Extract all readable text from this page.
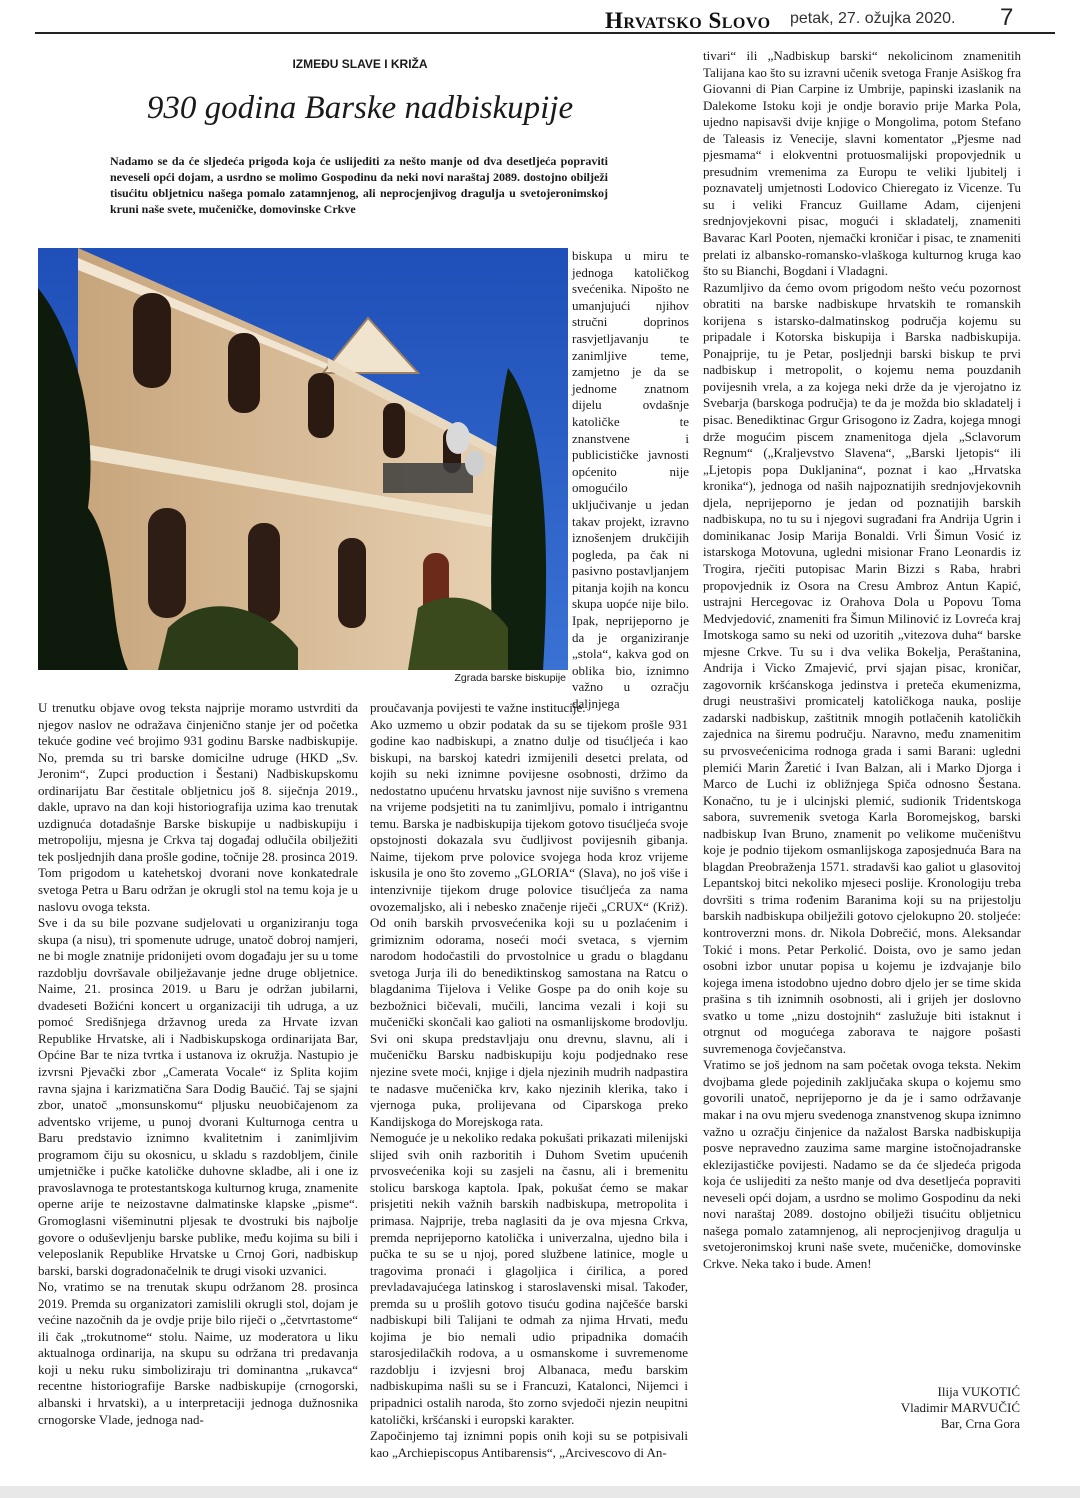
Hrvatsko Slovo petak, 27. ožujka 2020. 7
IZMEĐU SLAVE I KRIŽA
930 godina Barske nadbiskupije
Nadamo se da će sljedeća prigoda koja će uslijediti za nešto manje od dva desetljeća popraviti neveseli opći dojam, a usrdno se molimo Gospodinu da neki novi naraštaj 2089. dostojno obilježi tisućitu obljetnicu našega pomalo zatamnjenog, ali neprocjenjivog dragulja u svetojeronimskoj kruni naše svete, mučeničke, domovinske Crkve
Zgrada barske biskupije

biskupa u miru te jednoga katoličkog svećenika. Nipošto ne umanjujući njihov stručni doprinos rasvjetljavanju te zanimljive teme, zamjetno je da se jednome znatnom dijelu ovdašnje katoličke te znanstvene i publicističke javnosti općenito nije omogućilo uključivanje u jedan takav projekt, izravno iznošenjem drukčijih pogleda, pa čak ni pasivno postavljanjem pitanja kojih na koncu skupa uopće nije bilo. Ipak, neprijeporno je da je organiziranje „stola“, kakva god on oblika bio, iznimno važno u ozračju daljnjega

U trenutku objave ovog teksta najprije moramo ustvrditi da njegov naslov ne odražava činjenično stanje jer od početka tekuće godine već brojimo 931 godinu Barske nadbiskupije. No, premda su tri barske domicilne udruge (HKD „Sv. Jeronim“, Zupci production i Šestani) Nadbiskupskomu ordinarijatu Bar čestitale obljetnicu još 8. siječnja 2019., dakle, upravo na dan koji historiografija uzima kao trenutak uzdignuća dotadašnje Barske biskupije u nadbiskupiju i metropoliju, mjesna je Crkva taj događaj odlučila obilježiti tek posljednjih dana prošle godine, točnije 28. prosinca 2019. Tom prigodom u katehetskoj dvorani nove konkatedrale svetoga Petra u Baru održan je okrugli stol na temu koja je u naslovu ovoga teksta.

Sve i da su bile pozvane sudjelovati u organiziranju toga skupa (a nisu), tri spomenute udruge, unatoč dobroj namjeri, ne bi mogle znatnije pridonijeti ovom događaju jer su u tome razdoblju dovršavale obilježavanje jedne druge obljetnice. Naime, 21. prosinca 2019. u Baru je održan jubilarni, dvadeseti Božićni koncert u organizaciji tih udruga, a uz pomoć Središnjega državnog ureda za Hrvate izvan Republike Hrvatske, ali i Nadbiskupskoga ordinarijata Bar, Općine Bar te niza tvrtka i ustanova iz okružja. Nastupio je izvrsni Pjevački zbor „Camerata Vocale“ iz Splita kojim ravna sjajna i karizmatična Sara Dodig Baučić. Taj se sjajni zbor, unatoč „monsunskomu“ pljusku neuobičajenom za adventsko vrijeme, u punoj dvorani Kulturnoga centra u Baru predstavio iznimno kvalitetnim i zanimljivim programom čiju su okosnicu, u skladu s razdobljem, činile umjetničke i pučke katoličke duhovne skladbe, ali i one iz pravoslavnoga te protestantskoga kulturnog kruga, znamenite operne arije te neizostavne dalmatinske klapske „pisme“. Gromoglasni višeminutni pljesak te dvostruki bis najbolje govore o oduševljenju barske publike, među kojima su bili i veleposlanik Republike Hrvatske u Crnoj Gori, nadbiskup barski, barski dogradonačelnik te drugi visoki uzvanici.

No, vratimo se na trenutak skupu održanom 28. prosinca 2019. Premda su organizatori zamislili okrugli stol, dojam je većine nazočnih da je ovdje prije bilo riječi o „četvrtastome“ ili čak „trokutnome“ stolu. Naime, uz moderatora u liku aktualnoga ordinarija, na skupu su održana tri predavanja koji u neku ruku simboliziraju tri dominantna „rukavca“ recentne historiografije Barske nadbiskupije (crnogorski, albanski i hrvatski), a u interpretaciji jednoga dužnosnika crnogorske Vlade, jednoga nad-

proučavanja povijesti te važne institucije.

Ako uzmemo u obzir podatak da su se tijekom prošle 931 godine kao nadbiskupi, a znatno dulje od tisućljeća i kao biskupi, na barskoj katedri izmijenili desetci prelata, od kojih su neki iznimne povijesne osobnosti, držimo da nedostatno upućenu hrvatsku javnost nije suvišno s vremena na vrijeme podsjetiti na tu zanimljivu, pomalo i intrigantnu temu. Barska je nadbiskupija tijekom gotovo tisućljeća svoje opstojnosti dokazala svu čudljivost povijesnih gibanja. Naime, tijekom prve polovice svojega hoda kroz vrijeme iskusila je ono što zovemo „GLORIA“ (Slava), no još više i intenzivnije tijekom druge polovice tisućljeća za nama ovozemaljsko, ali i nebesko značenje riječi „CRUX“ (Križ). Od onih barskih prvosvećenika koji su u pozlaćenim i grimiznim odorama, noseći moći svetaca, s vjernim narodom hodočastili do prvostolnice u gradu o blagdanu svetoga Jurja ili do benediktinskog samostana na Ratcu o blagdanima Tijelova i Velike Gospe pa do onih koje su bezbožnici bičevali, mučili, lancima vezali i koji su mučenički skončali kao galioti na osmanlijskome brodovlju. Svi oni skupa predstavljaju onu drevnu, slavnu, ali i mučeničku Barsku nadbiskupiju koju podjednako rese njezine svete moći, knjige i djela njezinih mudrih nadpastira te nadasve mučenička krv, kako njezinih klerika, tako i vjernoga puka, prolijevana od Ciparskoga preko Kandijskoga do Morejskoga rata.

Nemoguće je u nekoliko redaka pokušati prikazati milenijski slijed svih onih razboritih i Duhom Svetim upućenih prvosvećenika koji su zasjeli na časnu, ali i bremenitu stolicu barskoga kaptola. Ipak, pokušat ćemo se makar prisjetiti nekih važnih barskih nadbiskupa, metropolita i primasa. Najprije, treba naglasiti da je ova mjesna Crkva, premda neprijeporno katolička i univerzalna, ujedno bila i pučka te su se u njoj, pored službene latinice, mogle u tragovima pronaći i glagoljica i ćirilica, a pored prevladavajućega latinskog i staroslavenski misal. Također, premda su u prošlih gotovo tisuću godina najčešće barski nadbiskupi bili Talijani te odmah za njima Hrvati, među kojima je bio nemali udio pripadnika domaćih starosjedilačkih rodova, a u osmanskome i suvremenome razdoblju i izvjesni broj Albanaca, među barskim nadbiskupima našli su se i Francuzi, Katalonci, Nijemci i pripadnici ostalih naroda, što zorno svjedoči njezin neupitni katolički, kršćanski i europski karakter.

Započinjemo taj iznimni popis onih koji su se potpisivali kao „Archiepiscopus Antibarensis“, „Arcivescovo di An-

tivari“ ili „Nadbiskup barski“ nekolicinom znamenitih Talijana kao što su izravni učenik svetoga Franje Asiškog fra Giovanni di Pian Carpine iz Umbrije, papinski izaslanik na Dalekome Istoku koji je ondje boravio prije Marka Pola, ujedno napisavši dvije knjige o Mongolima, potom Stefano de Taleasis iz Venecije, slavni komentator „Pjesme nad pjesmama“ i elokventni protuosmalijski propovjednik u presudnim vremenima za Europu te veliki ljubitelj i poznavatelj umjetnosti Lodovico Chieregato iz Vicenze. Tu su i veliki Francuz Guillame Adam, cijenjeni srednjovjekovni pisac, mogući i skladatelj, znameniti Bavarac Karl Pooten, njemački kroničar i pisac, te znameniti prelati iz albansko-romansko-vlaškoga kulturnog kruga kao što su Bianchi, Bogdani i Vladagni.

Razumljivo da ćemo ovom prigodom nešto veću pozornost obratiti na barske nadbiskupe hrvatskih te romanskih korijena s istarsko-dalmatinskog područja kojemu su pripadale i Kotorska biskupija i Barska nadbiskupija. Ponajprije, tu je Petar, posljednji barski biskup te prvi nadbiskup i metropolit, o kojemu nema pouzdanih povijesnih vrela, a za kojega neki drže da je vjerojatno iz Svebarja (barskoga područja) te da je možda bio skladatelj i pisac. Benediktinac Grgur Grisogono iz Zadra, kojega mnogi drže mogućim piscem znamenitoga djela „Sclavorum Regnum“ („Kraljevstvo Slavena“, „Barski ljetopis“ ili „Ljetopis popa Dukljanina“, poznat i kao „Hrvatska kronika“), jednoga od naših najpoznatijih srednjovjekovnih djela, neprijeporno je jedan od poznatijih barskih nadbiskupa, no tu su i njegovi sugrađani fra Andrija Ugrin i dominikanac Josip Marija Bonaldi. Vrli Šimun Vosić iz istarskoga Motovuna, ugledni misionar Frano Leonardis iz Trogira, rječiti putopisac Marin Bizzi s Raba, hrabri propovjednik iz Osora na Cresu Ambroz Antun Kapić, ustrajni Hercegovac iz Orahova Dola u Popovu Toma Medvjedović, znameniti fra Šimun Milinović iz Lovreća kraj Imotskoga samo su neki od uzoritih „vitezova duha“ barske mjesne Crkve. Tu su i dva velika Bokelja, Peraštanina, Andrija i Vicko Zmajević, prvi sjajan pisac, kroničar, zagovornik kršćanskoga jedinstva i preteča ekumenizma, drugi neustrašivi promicatelj katoličkoga nauka, poslije zadarski nadbiskup, zaštitnik mnogih potlačenih katoličkih zajednica na širemu području. Naravno, među znamenitim su prvosvećenicima rodnoga grada i sami Barani: ugledni plemići Marin Žaretić i Ivan Balzan, ali i Marko Djorga i Marco de Luchi iz obližnjega Spiča odnosno Šestana. Konačno, tu je i ulcinjski plemić, sudionik Tridentskoga sabora, suvremenik svetoga Karla Boromejskog, barski nadbiskup Ivan Bruno, znamenit po velikome mučeništvu koje je podnio tijekom osmanlijskoga zaposjednuća Bara na blagdan Preobraženja 1571. stradavši kao galiot u glasovitoj Lepantskoj bitci nekoliko mjeseci poslije. Kronologiju treba dovršiti s trima rođenim Baranima koji su na prijestolju barskih nadbiskupa obilježili gotovo cjelokupno 20. stoljeće: kontroverzni mons. dr. Nikola Dobrečić, mons. Aleksandar Tokić i mons. Petar Perkolić. Doista, ovo je samo jedan osobni izbor unutar popisa u kojemu je izdvajanje bilo kojega imena istodobno ujedno dobro djelo jer se time skida prašina s tih iznimnih osobnosti, ali i grijeh jer doslovno svatko u tome „nizu dostojnih“ zaslužuje biti istaknut i otrgnut od mogućega zaborava te najgore pošasti suvremenoga čovječanstva.

Vratimo se još jednom na sam početak ovoga teksta. Nekim dvojbama glede pojedinih zaključaka skupa o kojemu smo govorili unatoč, neprijeporno je da je i samo održavanje makar i na ovu mjeru svedenoga znanstvenog skupa iznimno važno u ozračju činjenice da nažalost Barska nadbiskupija posve nepravedno zauzima same margine istočnojadranske eklezijastičke povijesti. Nadamo se da će sljedeća prigoda koja će uslijediti za nešto manje od dva desetljeća popraviti neveseli opći dojam, a usrdno se molimo Gospodinu da neki novi naraštaj 2089. dostojno obilježi tisućitu obljetnicu našega pomalo zatamnjenog, ali neprocjenjivog dragulja u svetojeronimskoj kruni naše svete, mučeničke, domovinske Crkve. Neka tako i bude. Amen!

Ilija VUKOTIĆ
Vladimir MARVUČIĆ
Bar, Crna Gora
